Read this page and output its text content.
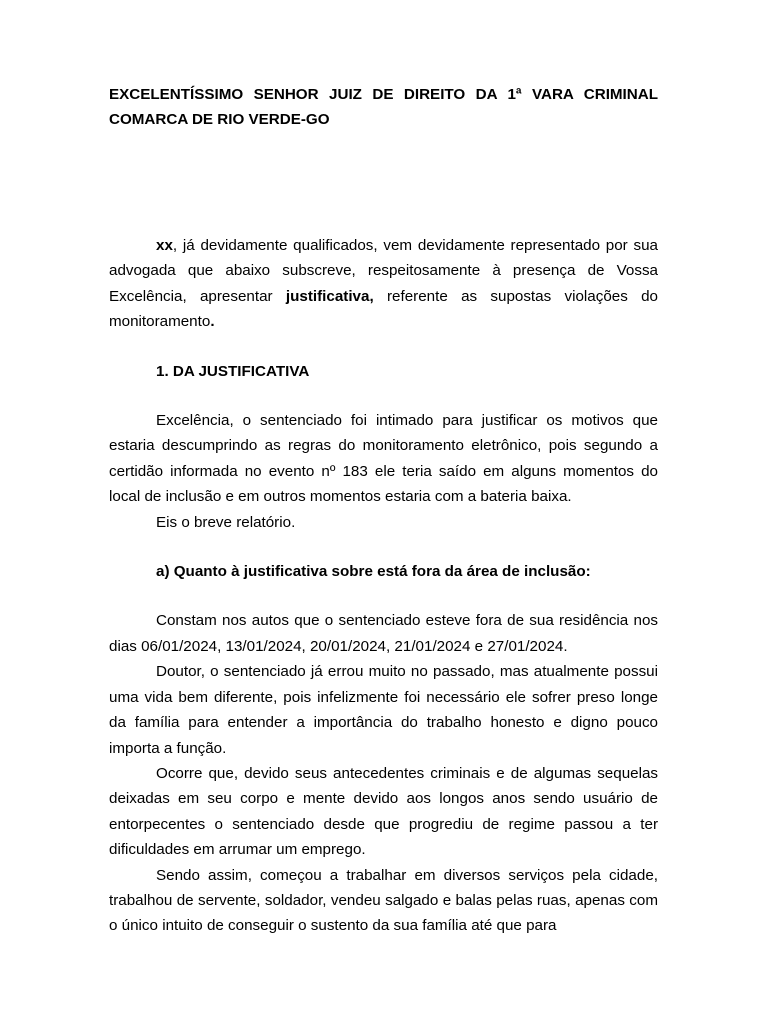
EXCELENTÍSSIMO SENHOR JUIZ DE DIREITO DA 1ª VARA CRIMINAL
COMARCA DE RIO VERDE-GO

xx, já devidamente qualificados, vem devidamente representado por sua advogada que abaixo subscreve, respeitosamente à presença de Vossa Excelência, apresentar justificativa, referente as supostas violações do monitoramento.

1. DA JUSTIFICATIVA

Excelência, o sentenciado foi intimado para justificar os motivos que estaria descumprindo as regras do monitoramento eletrônico, pois segundo a certidão informada no evento nº 183 ele teria saído em alguns momentos do local de inclusão e em outros momentos estaria com a bateria baixa.

Eis o breve relatório.

a) Quanto à justificativa sobre está fora da área de inclusão:

Constam nos autos que o sentenciado esteve fora de sua residência nos dias 06/01/2024, 13/01/2024, 20/01/2024, 21/01/2024 e 27/01/2024.

Doutor, o sentenciado já errou muito no passado, mas atualmente possui uma vida bem diferente, pois infelizmente foi necessário ele sofrer preso longe da família para entender a importância do trabalho honesto e digno pouco importa a função.

Ocorre que, devido seus antecedentes criminais e de algumas sequelas deixadas em seu corpo e mente devido aos longos anos sendo usuário de entorpecentes o sentenciado desde que progrediu de regime passou a ter dificuldades em arrumar um emprego.

Sendo assim, começou a trabalhar em diversos serviços pela cidade, trabalhou de servente, soldador, vendeu salgado e balas pelas ruas, apenas com o único intuito de conseguir o sustento da sua família até que para
